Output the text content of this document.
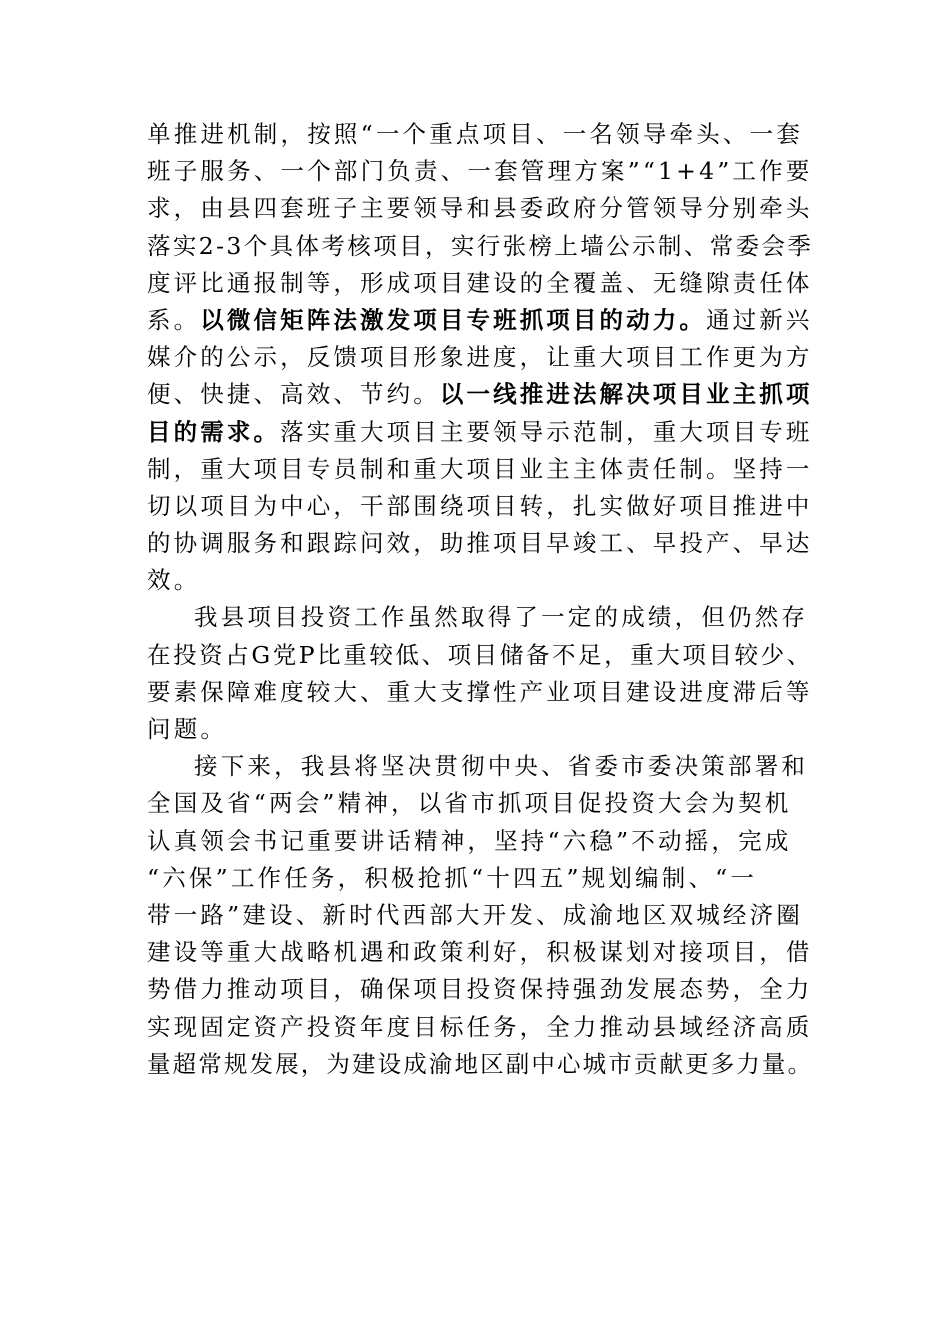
单推进机制，按照“一个重点项目、一名领导牵头、一套
班子服务、一个部门负责、一套管理方案”“1+4”工作要
求，由县四套班子主要领导和县委政府分管领导分别牵头
落实2-3个具体考核项目，实行张榜上墙公示制、常委会季
度评比通报制等，形成项目建设的全覆盖、无缝隙责任体
系。以微信矩阵法激发项目专班抓项目的动力。通过新兴
媒介的公示，反馈项目形象进度，让重大项目工作更为方
便、快捷、高效、节约。以一线推进法解决项目业主抓项
目的需求。落实重大项目主要领导示范制，重大项目专班
制，重大项目专员制和重大项目业主主体责任制。坚持一
切以项目为中心，干部围绕项目转，扎实做好项目推进中
的协调服务和跟踪问效，助推项目早竣工、早投产、早达
效。
我县项目投资工作虽然取得了一定的成绩，但仍然存
在投资占G党P比重较低、项目储备不足，重大项目较少、
要素保障难度较大、重大支撑性产业项目建设进度滞后等
问题。
接下来，我县将坚决贯彻中央、省委市委决策部署和
全国及省“两会”精神，以省市抓项目促投资大会为契机
认真领会书记重要讲话精神，坚持“六稳”不动摇，完成
“六保”工作任务，积极抢抓“十四五”规划编制、“一
带一路”建设、新时代西部大开发、成渝地区双城经济圈
建设等重大战略机遇和政策利好，积极谋划对接项目，借
势借力推动项目，确保项目投资保持强劲发展态势，全力
实现固定资产投资年度目标任务，全力推动县域经济高质
量超常规发展，为建设成渝地区副中心城市贡献更多力量。
